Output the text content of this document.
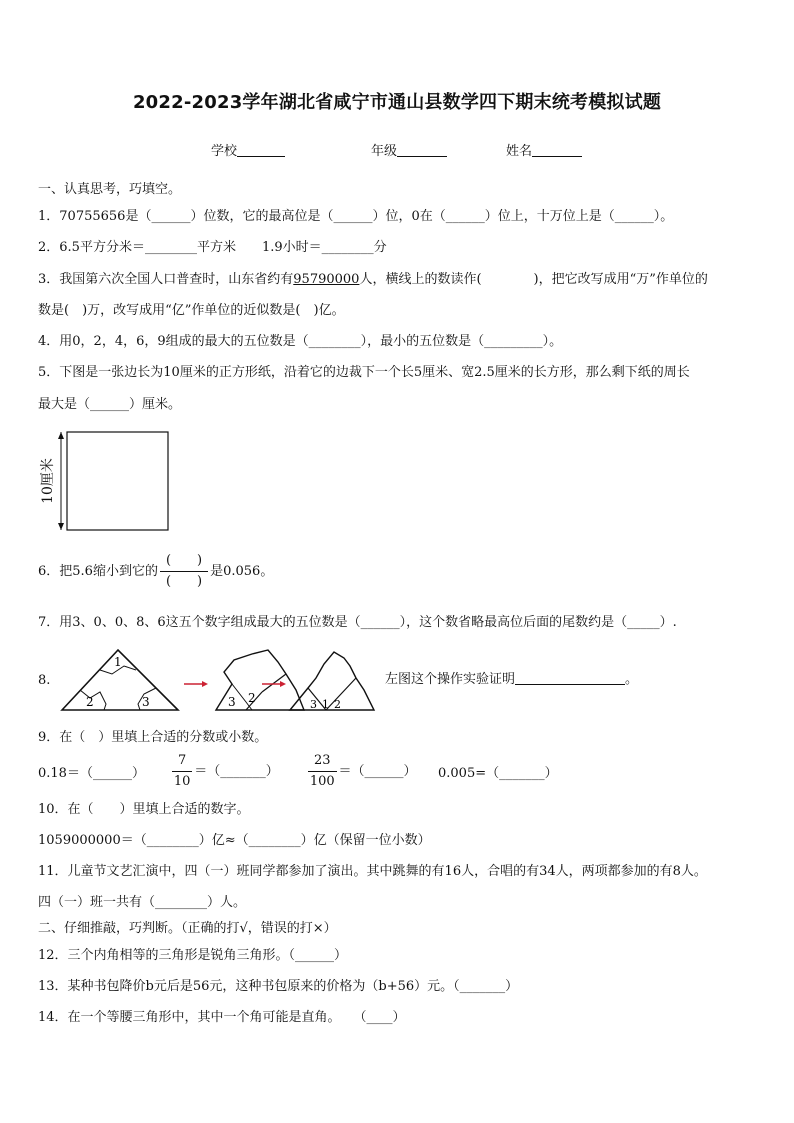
2022-2023学年湖北省咸宁市通山县数学四下期末统考模拟试题
学校	年级	姓名
一、认真思考，巧填空。
1．70755656是（______）位数，它的最高位是（______）位，0在（______）位上，十万位上是（______）。
2．6.5平方分米＝________平方米　　1.9小时＝________分
3．我国第六次全国人口普查时，山东省约有95790000人，横线上的数读作(　　　　)，把它改写成用“万”作单位的
数是(　)万，改写成用“亿”作单位的近似数是(　)亿。
4．用0，2，4，6，9组成的最大的五位数是（________），最小的五位数是（_________）。
5．下图是一张边长为10厘米的正方形纸，沿着它的边裁下一个长5厘米、宽2.5厘米的长方形，那么剩下纸的周长
最大是（______）厘米。
10厘米
6．把5.6缩小到它的 $\frac{( )}{( )}$ 是0.056。
7．用3、0、0、8、6这五个数字组成最大的五位数是（______），这个数省略最高位后面的尾数约是（_____）.
8.
1
2	3	3 2	3 1 2
左图这个操作实验证明	。
9．在（　）里填上合适的分数或小数。
0.18＝（______） $\frac{7}{10}$ ＝（_______） $\frac{23}{100}$ ＝（______） 0.005=（_______）
10．在（　　）里填上合适的数字。
1059000000＝（________）亿≈（________）亿（保留一位小数）
11．儿童节文艺汇演中，四（一）班同学都参加了演出。其中跳舞的有16人，合唱的有34人，两项都参加的有8人。
四（一）班一共有（________）人。
二、仔细推敲，巧判断。（正确的打√，错误的打×）
12．三个内角相等的三角形是锐角三角形。（______）
13．某种书包降价b元后是56元，这种书包原来的价格为（b+56）元。（_______）
14．在一个等腰三角形中，其中一个角可能是直角。　　（____）
